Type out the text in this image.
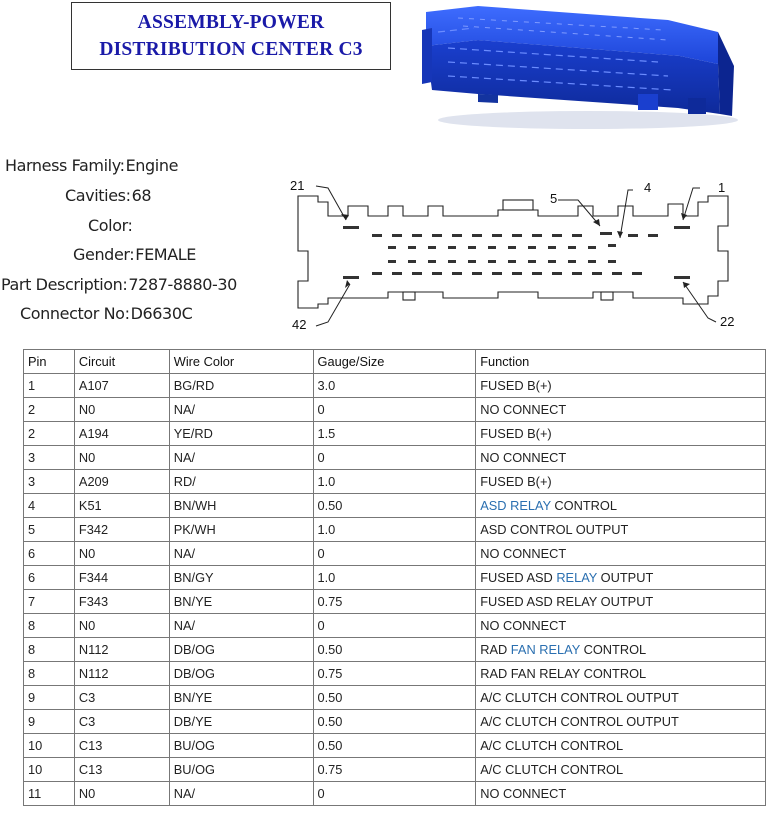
ASSEMBLY-POWER
DISTRIBUTION CENTER C3
Harness Family:Engine
Cavities:68
Color:
Gender:FEMALE
Part Description:7287-8880-30
Connector No:D6630C
21
5
4	1
42	22
Pin	Circuit	Wire Color	Gauge/Size	Function
1	A107	BG/RD	3.0	FUSED B(+)
2	N0	NA/	0	NO CONNECT
2	A194	YE/RD	1.5	FUSED B(+)
3	N0	NA/	0	NO CONNECT
3	A209	RD/	1.0	FUSED B(+)
4	K51	BN/WH	0.50	ASD RELAY CONTROL
5	F342	PK/WH	1.0	ASD CONTROL OUTPUT
6	N0	NA/	0	NO CONNECT
6	F344	BN/GY	1.0	FUSED ASD RELAY OUTPUT
7	F343	BN/YE	0.75	FUSED ASD RELAY OUTPUT
8	N0	NA/	0	NO CONNECT
8	N112	DB/OG	0.50	RAD FAN RELAY CONTROL
8	N112	DB/OG	0.75	RAD FAN RELAY CONTROL
9	C3	BN/YE	0.50	A/C CLUTCH CONTROL OUTPUT
9	C3	DB/YE	0.50	A/C CLUTCH CONTROL OUTPUT
10	C13	BU/OG	0.50	A/C CLUTCH CONTROL
10	C13	BU/OG	0.75	A/C CLUTCH CONTROL
11	N0	NA/	0	NO CONNECT
